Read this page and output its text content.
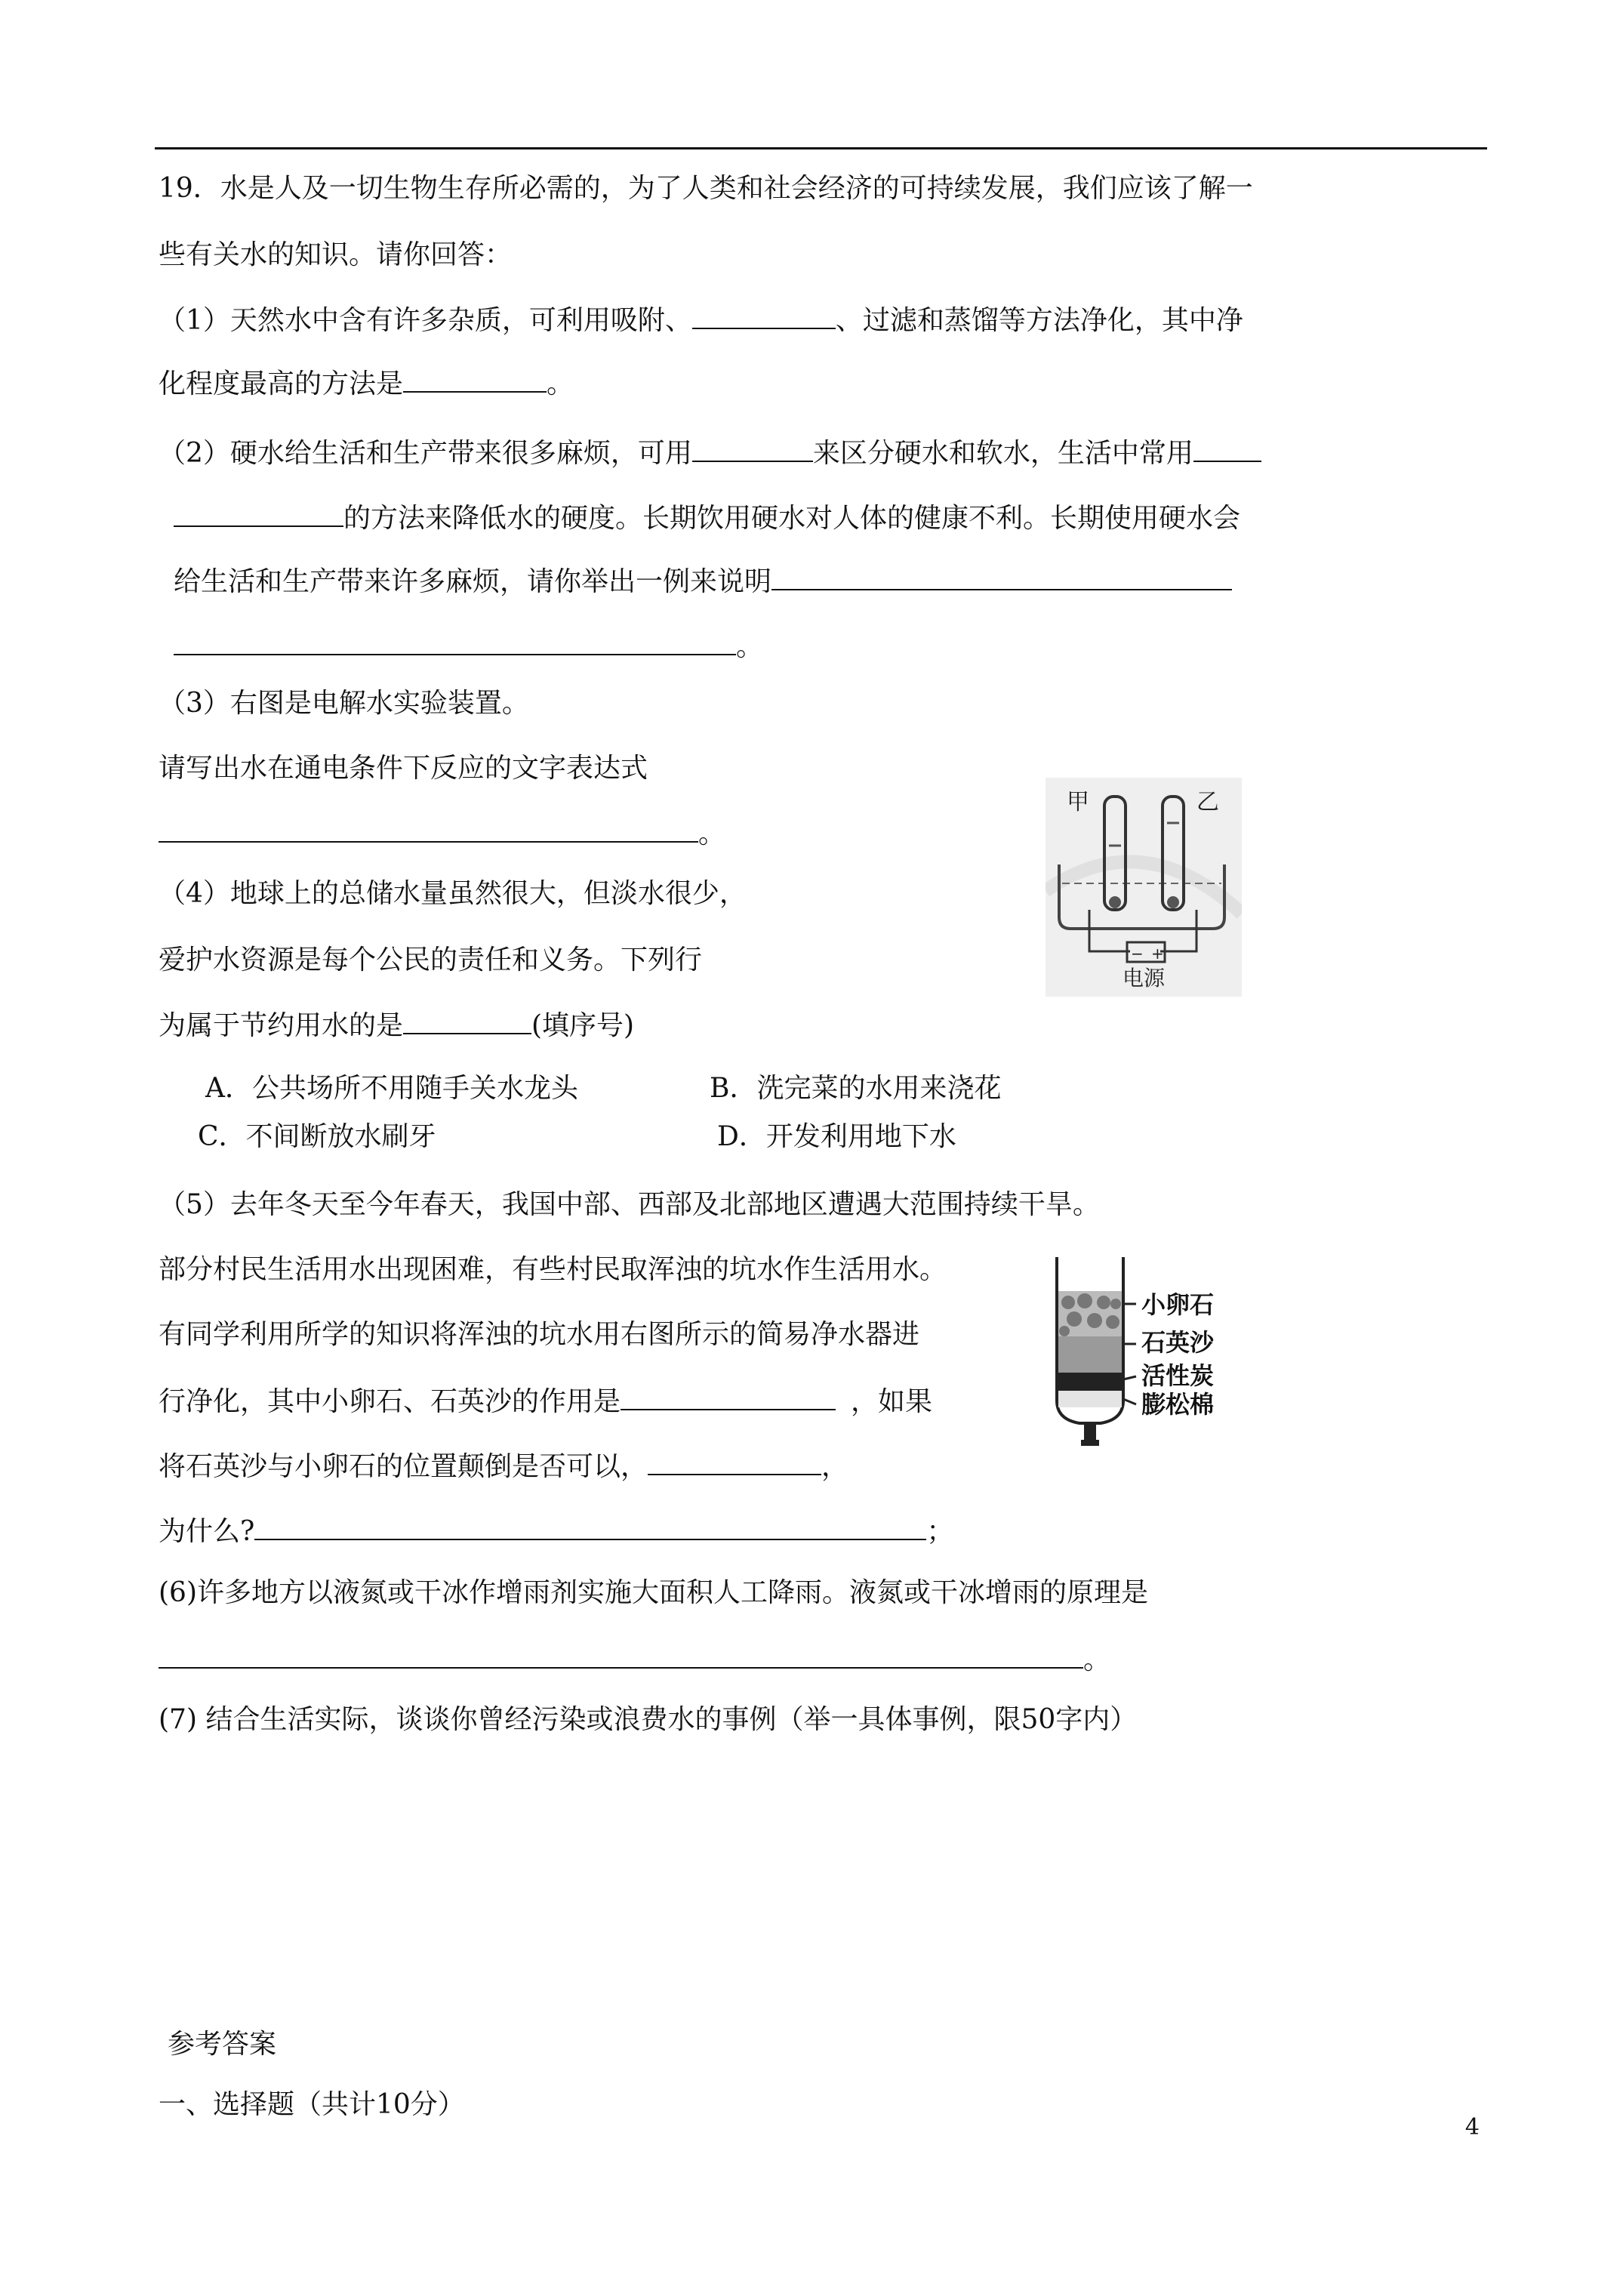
19．水是人及一切生物生存所必需的，为了人类和社会经济的可持续发展，我们应该了解一
些有关水的知识。请你回答：
（1）天然水中含有许多杂质，可利用吸附、	、过滤和蒸馏等方法净化，其中净
化程度最高的方法是	。
（2）硬水给生活和生产带来很多麻烦，可用	来区分硬水和软水，生活中常用
的方法来降低水的硬度。长期饮用硬水对人体的健康不利。长期使用硬水会
给生活和生产带来许多麻烦，请你举出一例来说明
。
（3）右图是电解水实验装置。
请写出水在通电条件下反应的文字表达式
。
（4）地球上的总储水量虽然很大，但淡水很少，
爱护水资源是每个公民的责任和义务。下列行
为属于节约用水的是	(填序号)
A．公共场所不用随手关水龙头	B．洗完菜的水用来浇花
C．不间断放水刷牙	D．开发利用地下水
（5）去年冬天至今年春天，我国中部、西部及北部地区遭遇大范围持续干旱。
部分村民生活用水出现困难，有些村民取浑浊的坑水作生活用水。
有同学利用所学的知识将浑浊的坑水用右图所示的简易净水器进
行净化，其中小卵石、石英沙的作用是	，如果
将石英沙与小卵石的位置颠倒是否可以，	，
为什么?	；
(6)许多地方以液氮或干冰作增雨剂实施大面积人工降雨。液氮或干冰增雨的原理是
。
(7) 结合生活实际，谈谈你曾经污染或浪费水的事例（举一具体事例，限50字内）
甲	乙
− +
电源
小卵石
石英沙
活性炭
膨松棉
参考答案
一、选择题（共计10分）
4
